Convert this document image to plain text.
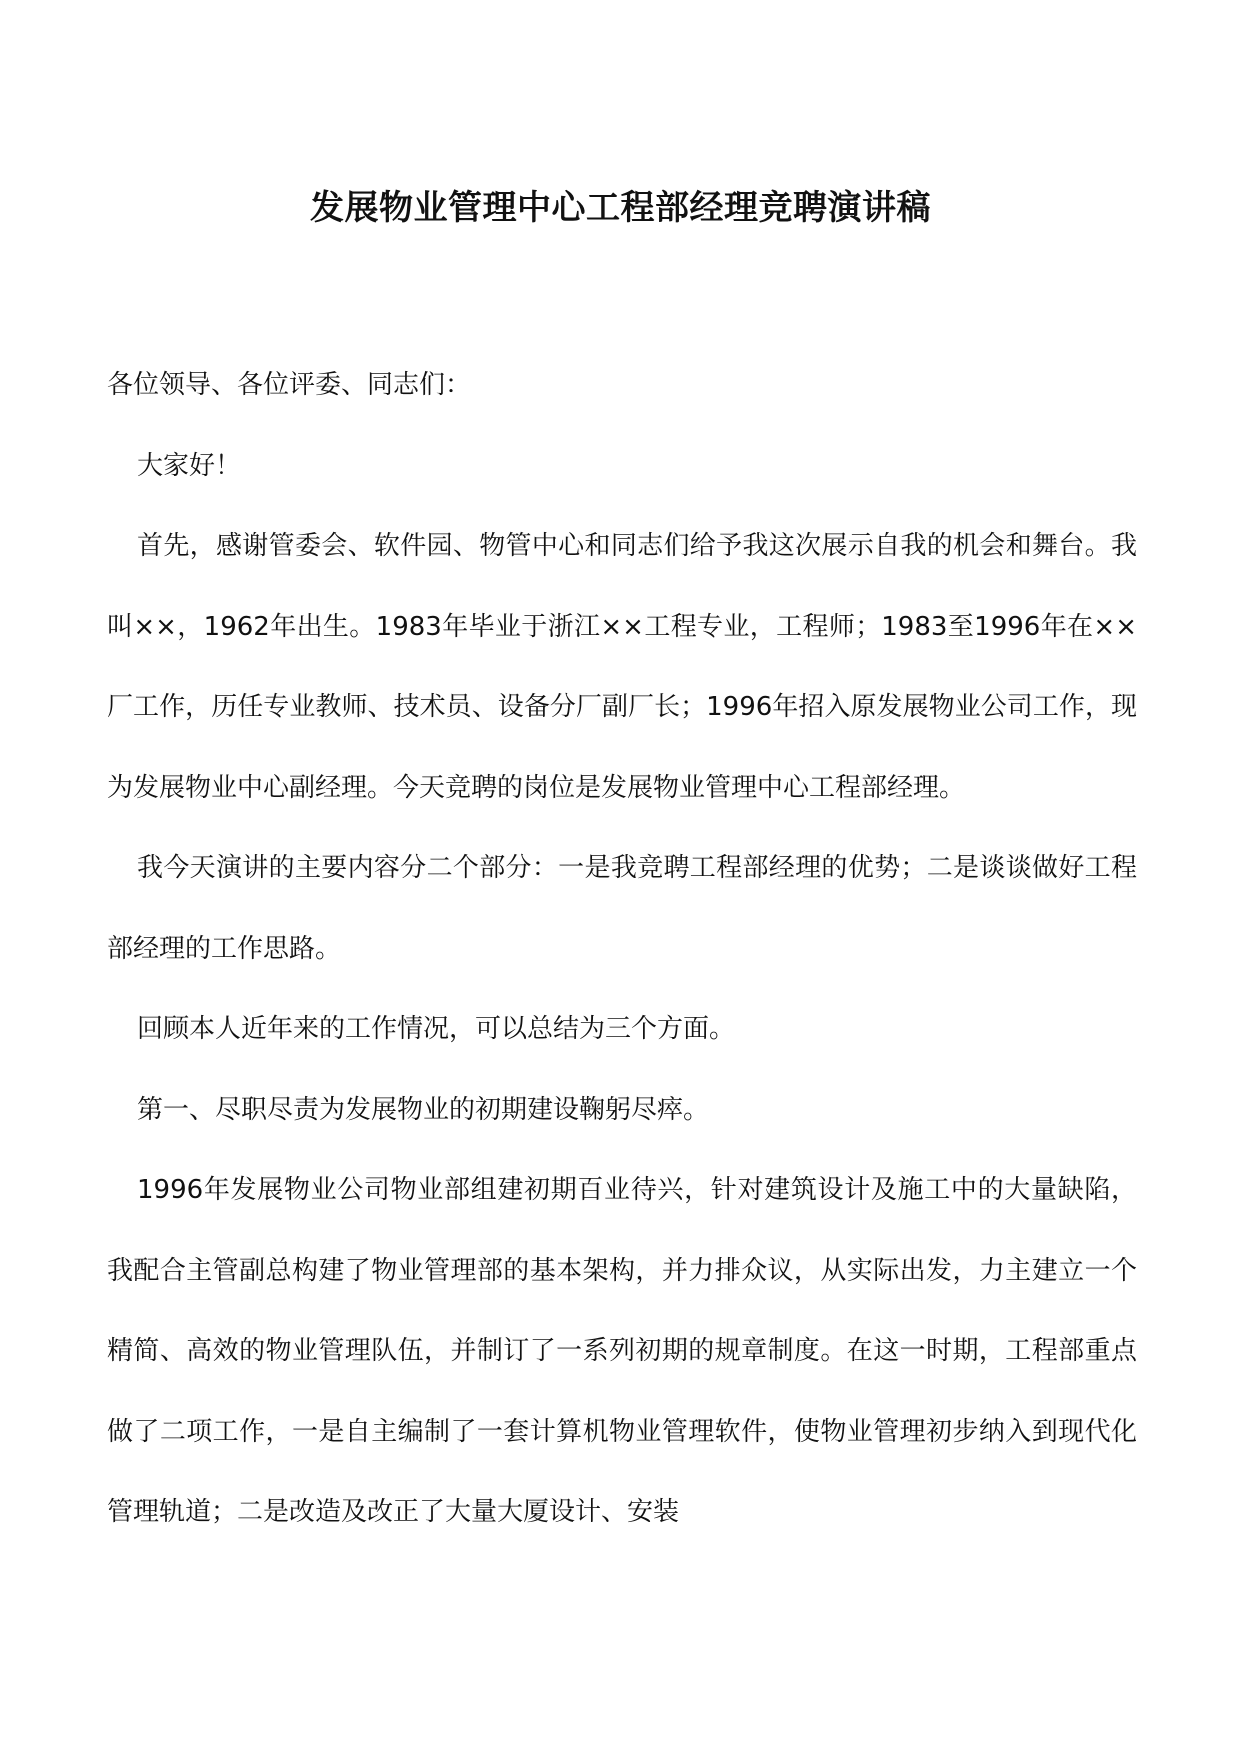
发展物业管理中心工程部经理竞聘演讲稿

各位领导、各位评委、同志们：

大家好！

首先，感谢管委会、软件园、物管中心和同志们给予我这次展示自我的机会和舞台。我叫××，1962年出生。1983年毕业于浙江××工程专业，工程师；1983至1996年在××厂工作，历任专业教师、技术员、设备分厂副厂长；1996年招入原发展物业公司工作，现为发展物业中心副经理。今天竞聘的岗位是发展物业管理中心工程部经理。

我今天演讲的主要内容分二个部分：一是我竞聘工程部经理的优势；二是谈谈做好工程部经理的工作思路。

回顾本人近年来的工作情况，可以总结为三个方面。

第一、尽职尽责为发展物业的初期建设鞠躬尽瘁。

1996年发展物业公司物业部组建初期百业待兴，针对建筑设计及施工中的大量缺陷，我配合主管副总构建了物业管理部的基本架构，并力排众议，从实际出发，力主建立一个精简、高效的物业管理队伍，并制订了一系列初期的规章制度。在这一时期，工程部重点做了二项工作，一是自主编制了一套计算机物业管理软件，使物业管理初步纳入到现代化管理轨道；二是改造及改正了大量大厦设计、安装
